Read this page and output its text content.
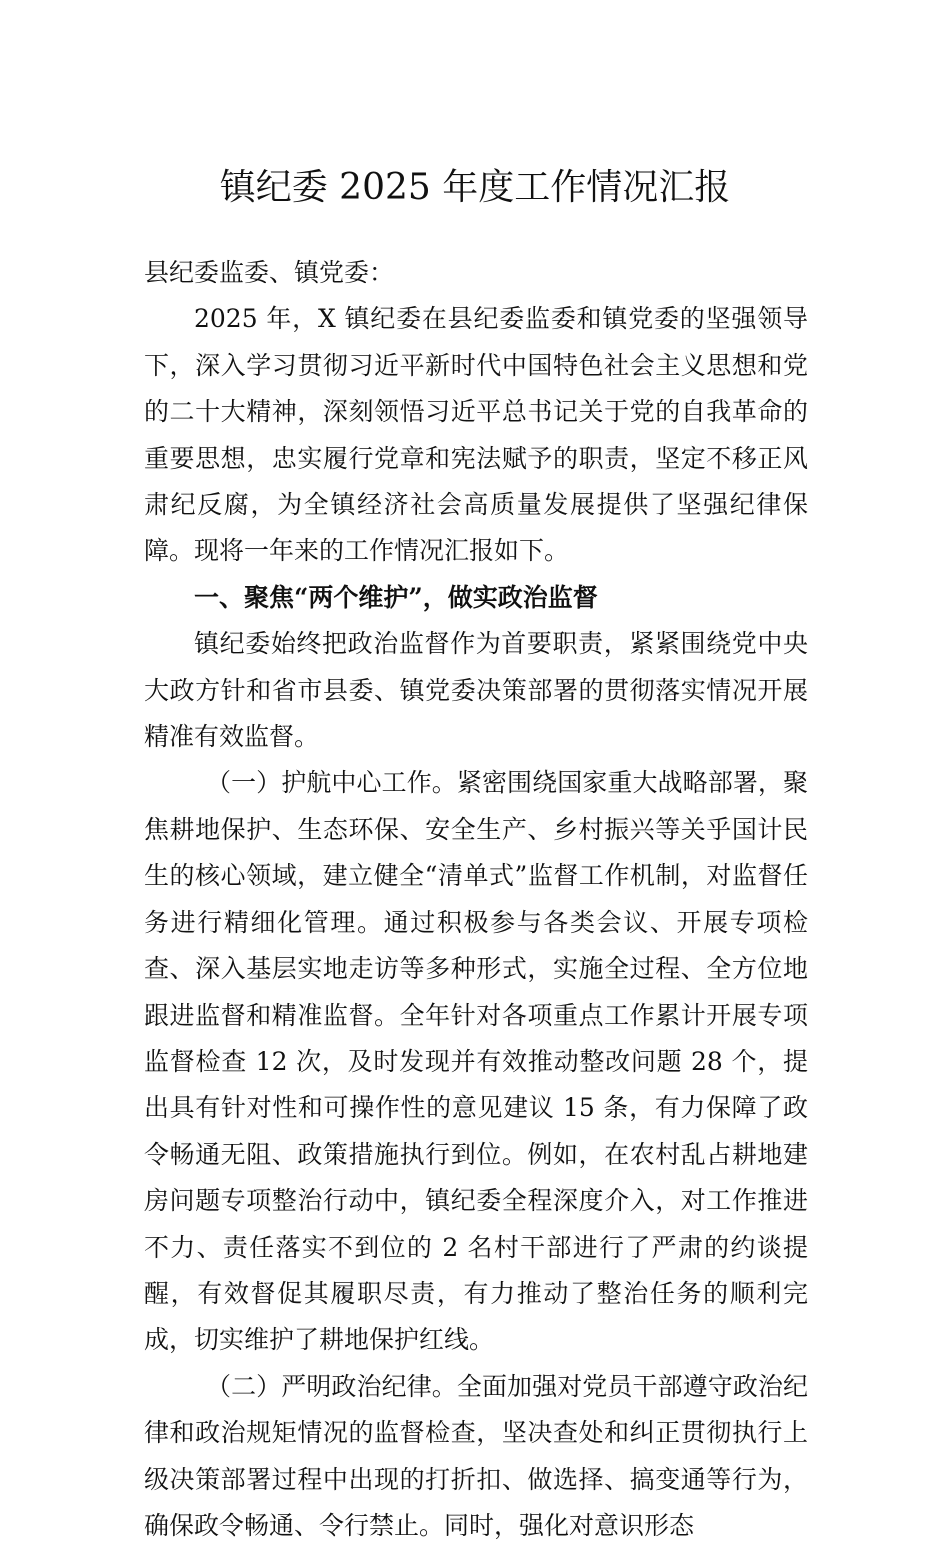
镇纪委 2025 年度工作情况汇报

县纪委监委、镇党委：

2025 年，X 镇纪委在县纪委监委和镇党委的坚强领导下，深入学习贯彻习近平新时代中国特色社会主义思想和党的二十大精神，深刻领悟习近平总书记关于党的自我革命的重要思想，忠实履行党章和宪法赋予的职责，坚定不移正风肃纪反腐，为全镇经济社会高质量发展提供了坚强纪律保障。现将一年来的工作情况汇报如下。

一、聚焦“两个维护”，做实政治监督

镇纪委始终把政治监督作为首要职责，紧紧围绕党中央大政方针和省市县委、镇党委决策部署的贯彻落实情况开展精准有效监督。

（一）护航中心工作。紧密围绕国家重大战略部署，聚焦耕地保护、生态环保、安全生产、乡村振兴等关乎国计民生的核心领域，建立健全“清单式”监督工作机制，对监督任务进行精细化管理。通过积极参与各类会议、开展专项检查、深入基层实地走访等多种形式，实施全过程、全方位地跟进监督和精准监督。全年针对各项重点工作累计开展专项监督检查 12 次，及时发现并有效推动整改问题 28 个，提出具有针对性和可操作性的意见建议 15 条，有力保障了政令畅通无阻、政策措施执行到位。例如，在农村乱占耕地建房问题专项整治行动中，镇纪委全程深度介入，对工作推进不力、责任落实不到位的 2 名村干部进行了严肃的约谈提醒，有效督促其履职尽责，有力推动了整治任务的顺利完成，切实维护了耕地保护红线。

（二）严明政治纪律。全面加强对党员干部遵守政治纪律和政治规矩情况的监督检查，坚决查处和纠正贯彻执行上级决策部署过程中出现的打折扣、做选择、搞变通等行为，确保政令畅通、令行禁止。同时，强化对意识形态
